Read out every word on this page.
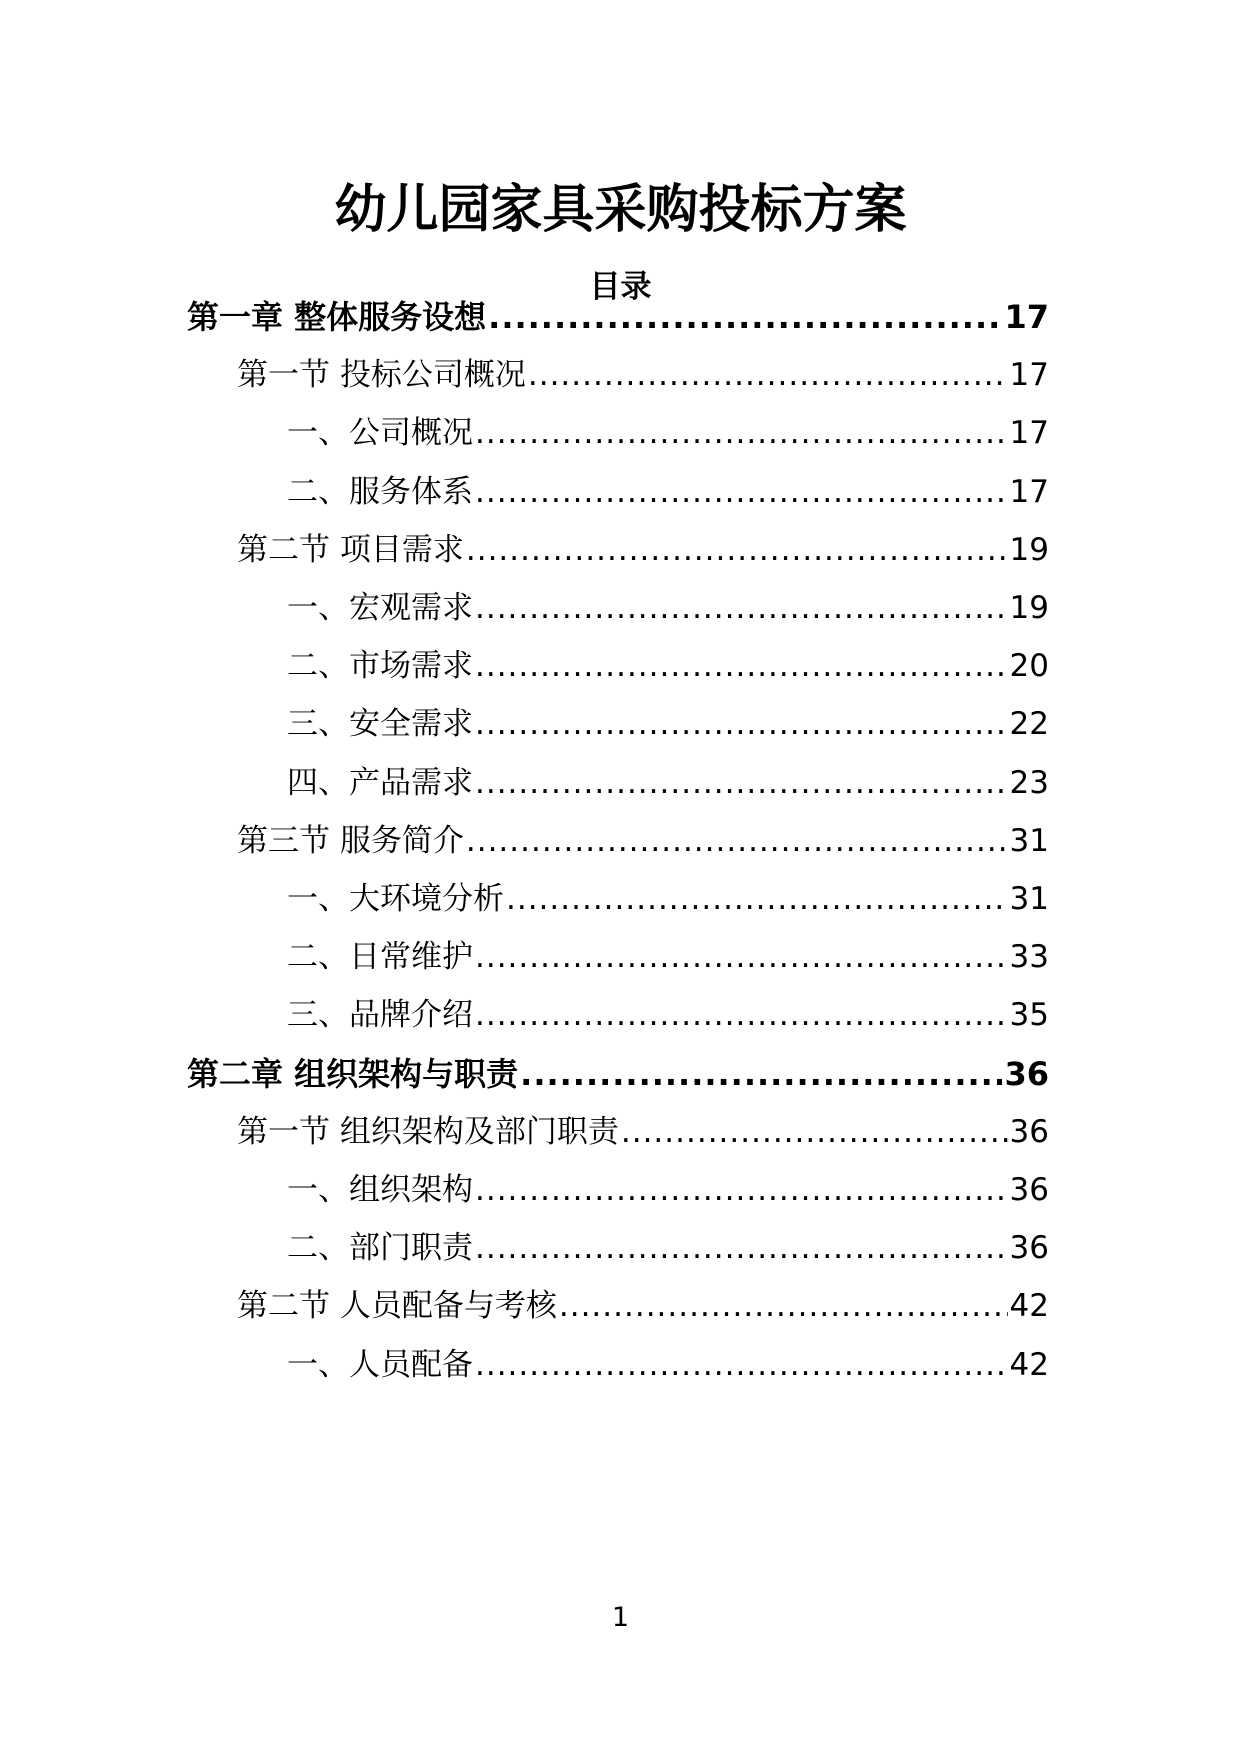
幼儿园家具采购投标方案
目录
第一章 整体服务设想 .....	17
第一节 投标公司概况 .....	17
一、公司概况 .....	17
二、服务体系 .....	17
第二节 项目需求 .....	19
一、宏观需求 .....	19
二、市场需求 .....	20
三、安全需求 .....	22
四、产品需求 .....	23
第三节 服务简介 .....	31
一、大环境分析 .....	31
二、日常维护 .....	33
三、品牌介绍 .....	35
第二章 组织架构与职责 .....	36
第一节 组织架构及部门职责 .....	36
一、组织架构 .....	36
二、部门职责 .....	36
第二节 人员配备与考核 .....	42
一、人员配备 .....	42
1
